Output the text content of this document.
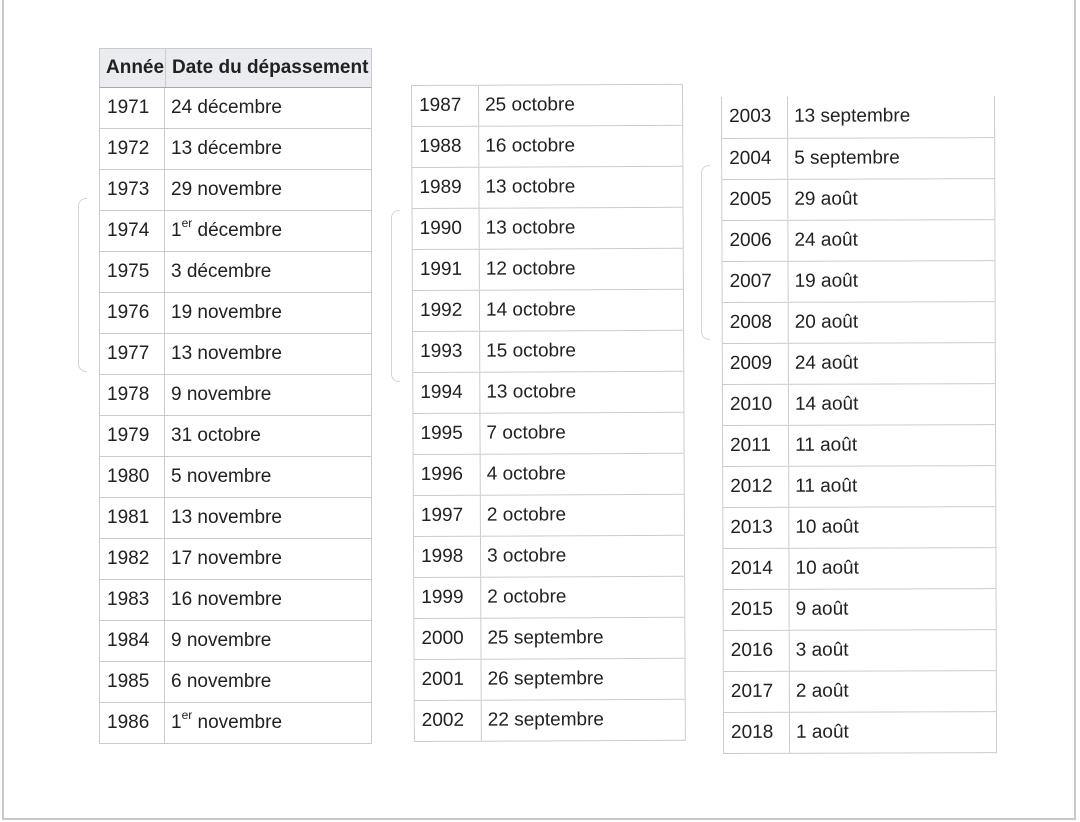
Année Date du dépassement
1971	24 décembre
1972	13 décembre
1973	29 novembre
1974	1er décembre
1975	3 décembre
1976	19 novembre
1977	13 novembre
1978	9 novembre
1979	31 octobre
1980	5 novembre
1981	13 novembre
1982	17 novembre
1983	16 novembre
1984	9 novembre
1985	6 novembre
1986	1er novembre
1987	25 octobre
1988	16 octobre
1989	13 octobre
1990	13 octobre
1991	12 octobre
1992	14 octobre
1993	15 octobre
1994	13 octobre
1995	7 octobre
1996	4 octobre
1997	2 octobre
1998	3 octobre
1999	2 octobre
2000	25 septembre
2001	26 septembre
2002	22 septembre
2003	13 septembre
2004	5 septembre
2005	29 août
2006	24 août
2007	19 août
2008	20 août
2009	24 août
2010	14 août
2011	11 août
2012	11 août
2013	10 août
2014	10 août
2015	9 août
2016	3 août
2017	2 août
2018	1 août
